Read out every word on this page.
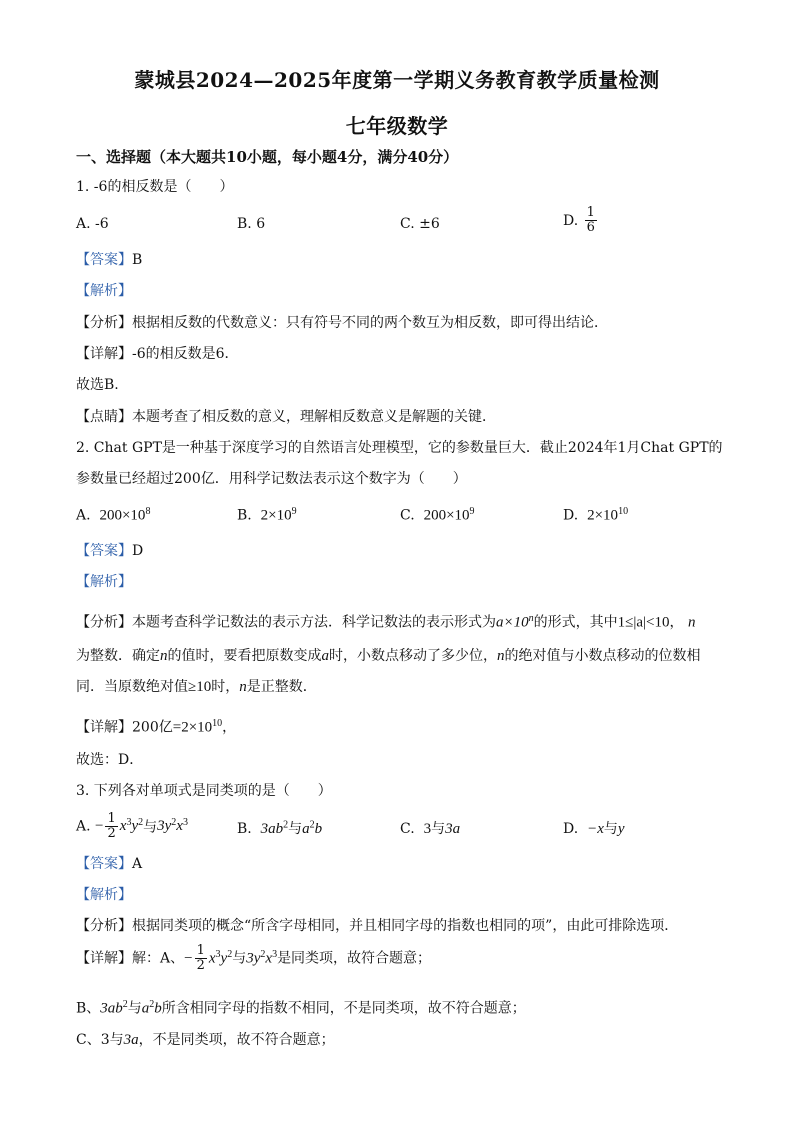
蒙城县2024—2025年度第一学期义务教育教学质量检测
七年级数学
一、选择题（本大题共10小题，每小题4分，满分40分）
1. -6的相反数是（　　）
A. -6	B. 6	C. ±6	D. $\frac{1}{6}$
【答案】B
【解析】
【分析】根据相反数的代数意义：只有符号不同的两个数互为相反数，即可得出结论．
【详解】-6的相反数是6．
故选B.
【点睛】本题考查了相反数的意义，理解相反数意义是解题的关键．
2. Chat GPT是一种基于深度学习的自然语言处理模型，它的参数量巨大．截止2024年1月Chat GPT的
参数量已经超过200亿．用科学记数法表示这个数字为（　　）
A. $200\times 10^8$	B. $2\times 10^9$	C. $200\times 10^9$	D. $2\times 10^{10}$
【答案】D
【解析】
【分析】本题考查科学记数法的表示方法．科学记数法的表示形式为$a\times 10^n$的形式，其中1≤|a|<10， n
为整数．确定n的值时，要看把原数变成a时，小数点移动了多少位，n的绝对值与小数点移动的位数相
同．当原数绝对值≥10时，n是正整数．
【详解】200亿$=2\times 10^{10}$，
故选：D．
3. 下列各对单项式是同类项的是（　　）
A. − $\frac{1}{2} x^3y^2$与$3y^2x^3$	B. $3ab^2$与$a^2b$	C. 3与3a	D. −x与y
【答案】A
【解析】
【分析】根据同类项的概念“所含字母相同，并且相同字母的指数也相同的项”，由此可排除选项．
【详解】解：A、− $\frac{1}{2} x^3y^2$与$3y^2x^3$是同类项，故符合题意；
B、$3ab^2$与$a^2b$所含相同字母的指数不相同，不是同类项，故不符合题意；
C、3与3a，不是同类项，故不符合题意；
